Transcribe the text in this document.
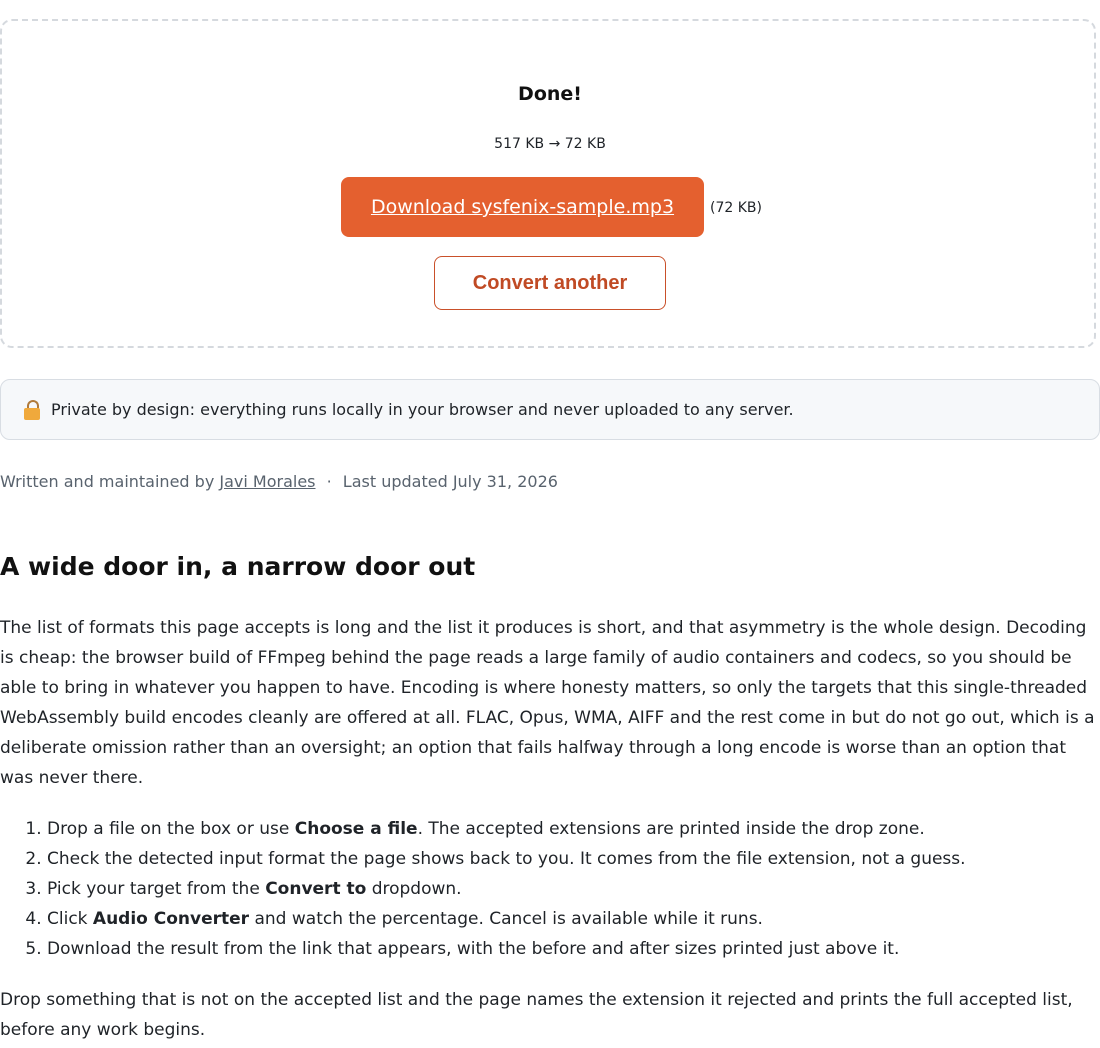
Done!
517 KB → 72 KB
Download sysfenix-sample.mp3	(72 KB)
Convert another
Private by design: everything runs locally in your browser and never uploaded to any server.
Written and maintained by Javi Morales · Last updated July 31, 2026
A wide door in, a narrow door out

The list of formats this page accepts is long and the list it produces is short, and that asymmetry is the whole design. Decoding is cheap: the browser build of FFmpeg behind the page reads a large family of audio containers and codecs, so you should be able to bring in whatever you happen to have. Encoding is where honesty matters, so only the targets that this single-threaded WebAssembly build encodes cleanly are offered at all. FLAC, Opus, WMA, AIFF and the rest come in but do not go out, which is a deliberate omission rather than an oversight; an option that fails halfway through a long encode is worse than an option that was never there.

1. Drop a file on the box or use Choose a file. The accepted extensions are printed inside the drop zone.
2. Check the detected input format the page shows back to you. It comes from the file extension, not a guess.
3. Pick your target from the Convert to dropdown.
4. Click Audio Converter and watch the percentage. Cancel is available while it runs.
5. Download the result from the link that appears, with the before and after sizes printed just above it.

Drop something that is not on the accepted list and the page names the extension it rejected and prints the full accepted list, before any work begins.
